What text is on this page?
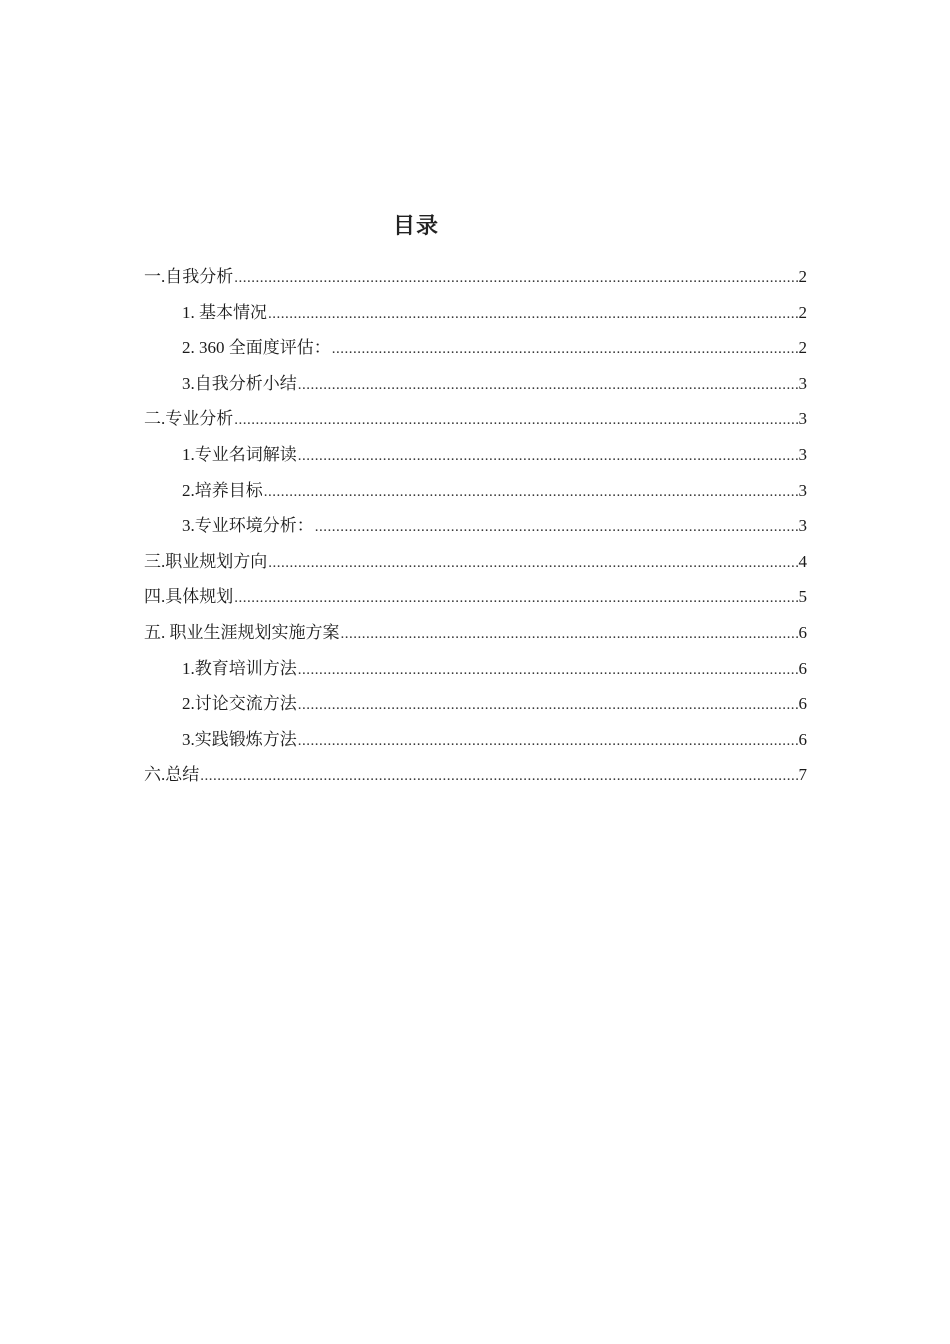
目录
一.自我分析 .....	2
1. 基本情况 .....	2
2. 360 全面度评估： .....	2
3.自我分析小结 .....	3
二.专业分析 .....	3
1.专业名词解读 .....	3
2.培养目标 .....	3
3.专业环境分析： .....	3
三.职业规划方向 .....	4
四.具体规划 .....	5
五. 职业生涯规划实施方案 .....	6
1.教育培训方法 .....	6
2.讨论交流方法 .....	6
3.实践锻炼方法 .....	6
六.总结 .....	7
